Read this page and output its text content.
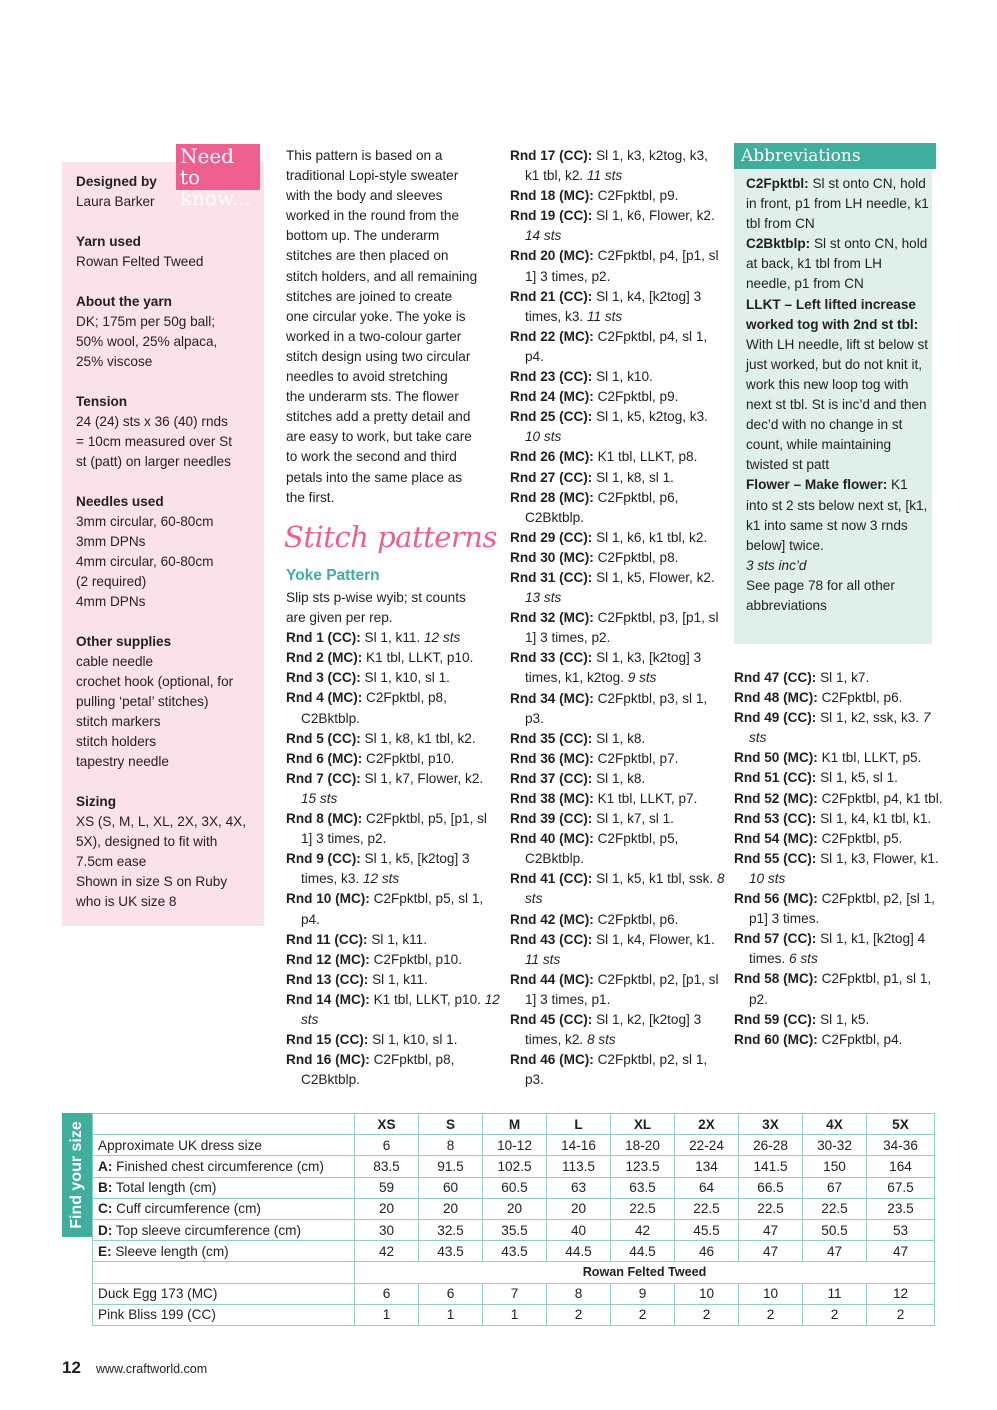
Need to know...
Designed by
Laura Barker
Yarn used
Rowan Felted Tweed
About the yarn
DK; 175m per 50g ball;
50% wool, 25% alpaca,
25% viscose
Tension
24 (24) sts x 36 (40) rnds
= 10cm measured over St
st (patt) on larger needles
Needles used
3mm circular, 60-80cm
3mm DPNs
4mm circular, 60-80cm
(2 required)
4mm DPNs
Other supplies
cable needle
crochet hook (optional, for
pulling ‘petal’ stitches)
stitch markers
stitch holders
tapestry needle
Sizing
XS (S, M, L, XL, 2X, 3X, 4X,
5X), designed to fit with
7.5cm ease
Shown in size S on Ruby
who is UK size 8
This pattern is based on a
traditional Lopi-style sweater
with the body and sleeves
worked in the round from the
bottom up. The underarm
stitches are then placed on
stitch holders, and all remaining
stitches are joined to create
one circular yoke. The yoke is
worked in a two-colour garter
stitch design using two circular
needles to avoid stretching
the underarm sts. The flower
stitches add a pretty detail and
are easy to work, but take care
to work the second and third
petals into the same place as
the first.
Stitch patterns
Yoke Pattern
Slip sts p-wise wyib; st counts
are given per rep.
Rnd 1 (CC): Sl 1, k11. 12 sts
Rnd 2 (MC): K1 tbl, LLKT, p10.
Rnd 3 (CC): Sl 1, k10, sl 1.
Rnd 4 (MC): C2Fpktbl, p8, C2Bktblp.
Rnd 5 (CC): Sl 1, k8, k1 tbl, k2.
Rnd 6 (MC): C2Fpktbl, p10.
Rnd 7 (CC): Sl 1, k7, Flower, k2. 15 sts
Rnd 8 (MC): C2Fpktbl, p5, [p1, sl 1] 3 times, p2.
Rnd 9 (CC): Sl 1, k5, [k2tog] 3 times, k3. 12 sts
Rnd 10 (MC): C2Fpktbl, p5, sl 1, p4.
Rnd 11 (CC): Sl 1, k11.
Rnd 12 (MC): C2Fpktbl, p10.
Rnd 13 (CC): Sl 1, k11.
Rnd 14 (MC): K1 tbl, LLKT, p10. 12 sts
Rnd 15 (CC): Sl 1, k10, sl 1.
Rnd 16 (MC): C2Fpktbl, p8, C2Bktblp.
Rnd 17 (CC): Sl 1, k3, k2tog, k3, k1 tbl, k2. 11 sts
Rnd 18 (MC): C2Fpktbl, p9.
Rnd 19 (CC): Sl 1, k6, Flower, k2. 14 sts
Rnd 20 (MC): C2Fpktbl, p4, [p1, sl 1] 3 times, p2.
Rnd 21 (CC): Sl 1, k4, [k2tog] 3 times, k3. 11 sts
Rnd 22 (MC): C2Fpktbl, p4, sl 1, p4.
Rnd 23 (CC): Sl 1, k10.
Rnd 24 (MC): C2Fpktbl, p9.
Rnd 25 (CC): Sl 1, k5, k2tog, k3. 10 sts
Rnd 26 (MC): K1 tbl, LLKT, p8.
Rnd 27 (CC): Sl 1, k8, sl 1.
Rnd 28 (MC): C2Fpktbl, p6, C2Bktblp.
Rnd 29 (CC): Sl 1, k6, k1 tbl, k2.
Rnd 30 (MC): C2Fpktbl, p8.
Rnd 31 (CC): Sl 1, k5, Flower, k2. 13 sts
Rnd 32 (MC): C2Fpktbl, p3, [p1, sl 1] 3 times, p2.
Rnd 33 (CC): Sl 1, k3, [k2tog] 3 times, k1, k2tog. 9 sts
Rnd 34 (MC): C2Fpktbl, p3, sl 1, p3.
Rnd 35 (CC): Sl 1, k8.
Rnd 36 (MC): C2Fpktbl, p7.
Rnd 37 (CC): Sl 1, k8.
Rnd 38 (MC): K1 tbl, LLKT, p7.
Rnd 39 (CC): Sl 1, k7, sl 1.
Rnd 40 (MC): C2Fpktbl, p5, C2Bktblp.
Rnd 41 (CC): Sl 1, k5, k1 tbl, ssk. 8 sts
Rnd 42 (MC): C2Fpktbl, p6.
Rnd 43 (CC): Sl 1, k4, Flower, k1. 11 sts
Rnd 44 (MC): C2Fpktbl, p2, [p1, sl 1] 3 times, p1.
Rnd 45 (CC): Sl 1, k2, [k2tog] 3 times, k2. 8 sts
Rnd 46 (MC): C2Fpktbl, p2, sl 1, p3.
Abbreviations
C2Fpktbl: Sl st onto CN, hold in front, p1 from LH needle, k1 tbl from CN
C2Bktblp: Sl st onto CN, hold at back, k1 tbl from LH needle, p1 from CN
LLKT – Left lifted increase worked tog with 2nd st tbl: With LH needle, lift st below st just worked, but do not knit it, work this new loop tog with next st tbl. St is inc’d and then dec’d with no change in st count, while maintaining twisted st patt
Flower – Make flower: K1 into st 2 sts below next st, [k1, k1 into same st now 3 rnds below] twice.
3 sts inc’d
See page 78 for all other abbreviations
Rnd 47 (CC): Sl 1, k7.
Rnd 48 (MC): C2Fpktbl, p6.
Rnd 49 (CC): Sl 1, k2, ssk, k3. 7 sts
Rnd 50 (MC): K1 tbl, LLKT, p5.
Rnd 51 (CC): Sl 1, k5, sl 1.
Rnd 52 (MC): C2Fpktbl, p4, k1 tbl.
Rnd 53 (CC): Sl 1, k4, k1 tbl, k1.
Rnd 54 (MC): C2Fpktbl, p5.
Rnd 55 (CC): Sl 1, k3, Flower, k1. 10 sts
Rnd 56 (MC): C2Fpktbl, p2, [sl 1, p1] 3 times.
Rnd 57 (CC): Sl 1, k1, [k2tog] 4 times. 6 sts
Rnd 58 (MC): C2Fpktbl, p1, sl 1, p2.
Rnd 59 (CC): Sl 1, k5.
Rnd 60 (MC): C2Fpktbl, p4.
Find your size
		XS	S	M	L	XL	2X	3X	4X	5X
Approximate UK dress size	6	8	10-12	14-16	18-20	22-24	26-28	30-32	34-36
A: Finished chest circumference (cm)	83.5	91.5	102.5	113.5	123.5	134	141.5	150	164
B: Total length (cm)	59	60	60.5	63	63.5	64	66.5	67	67.5
C: Cuff circumference (cm)	20	20	20	20	22.5	22.5	22.5	22.5	23.5
D: Top sleeve circumference (cm)	30	32.5	35.5	40	42	45.5	47	50.5	53
E: Sleeve length (cm)	42	43.5	43.5	44.5	44.5	46	47	47	47
	Rowan Felted Tweed								
Duck Egg 173 (MC)	6	6	7	8	9	10	10	11	12
Pink Bliss 199 (CC)	1	1	1	2	2	2	2	2	2
12 www.craftworld.com
